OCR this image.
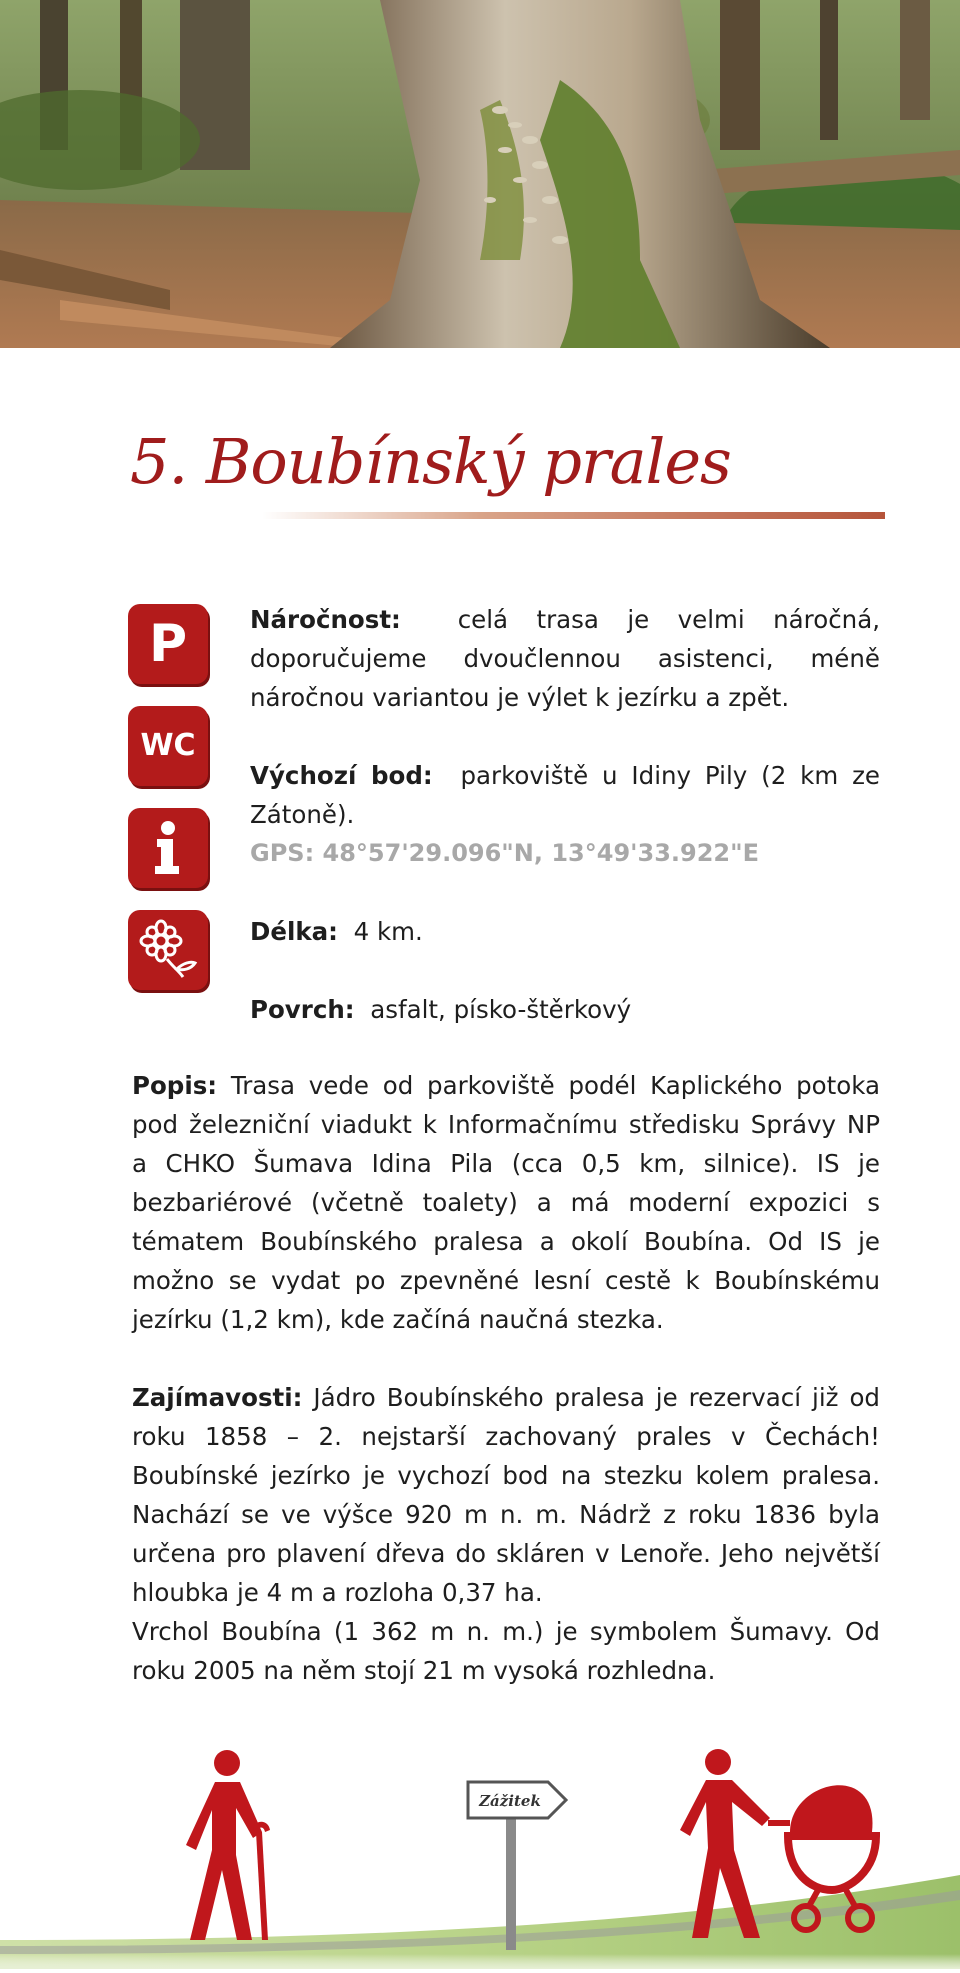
5. Boubínský prales
P
WC

Náročnost: celá trasa je velmi náročná, doporučujeme dvoučlennou asistenci, méně náročnou variantou je výlet k jezírku a zpět.

Výchozí bod: parkoviště u Idiny Pily (2 km ze Zátoně).

GPS: 48°57'29.096"N, 13°49'33.922"E

Délka: 4 km.

Povrch: asfalt, písko-štěrkový

Popis: Trasa vede od parkoviště podél Kaplického potoka pod železniční viadukt k Informačnímu středisku Správy NP a CHKO Šumava Idina Pila (cca 0,5 km, silnice). IS je bezbariérové (včetně toalety) a má moderní expozici s tématem Boubínského pralesa a okolí Boubína. Od IS je možno se vydat po zpevněné lesní cestě k Boubínskému jezírku (1,2 km), kde začíná naučná stezka.

Zajímavosti: Jádro Boubínského pralesa je rezervací již od roku 1858 – 2. nejstarší zachovaný prales v Čechách! Boubínské jezírko je vychozí bod na stezku kolem pralesa. Nachází se ve výšce 920 m n. m. Nádrž z roku 1836 byla určena pro plavení dřeva do skláren v Lenoře. Jeho největší hloubka je 4 m a rozloha 0,37 ha.

Vrchol Boubína (1 362 m n. m.) je symbolem Šumavy. Od roku 2005 na něm stojí 21 m vysoká rozhledna.

Zážitek
